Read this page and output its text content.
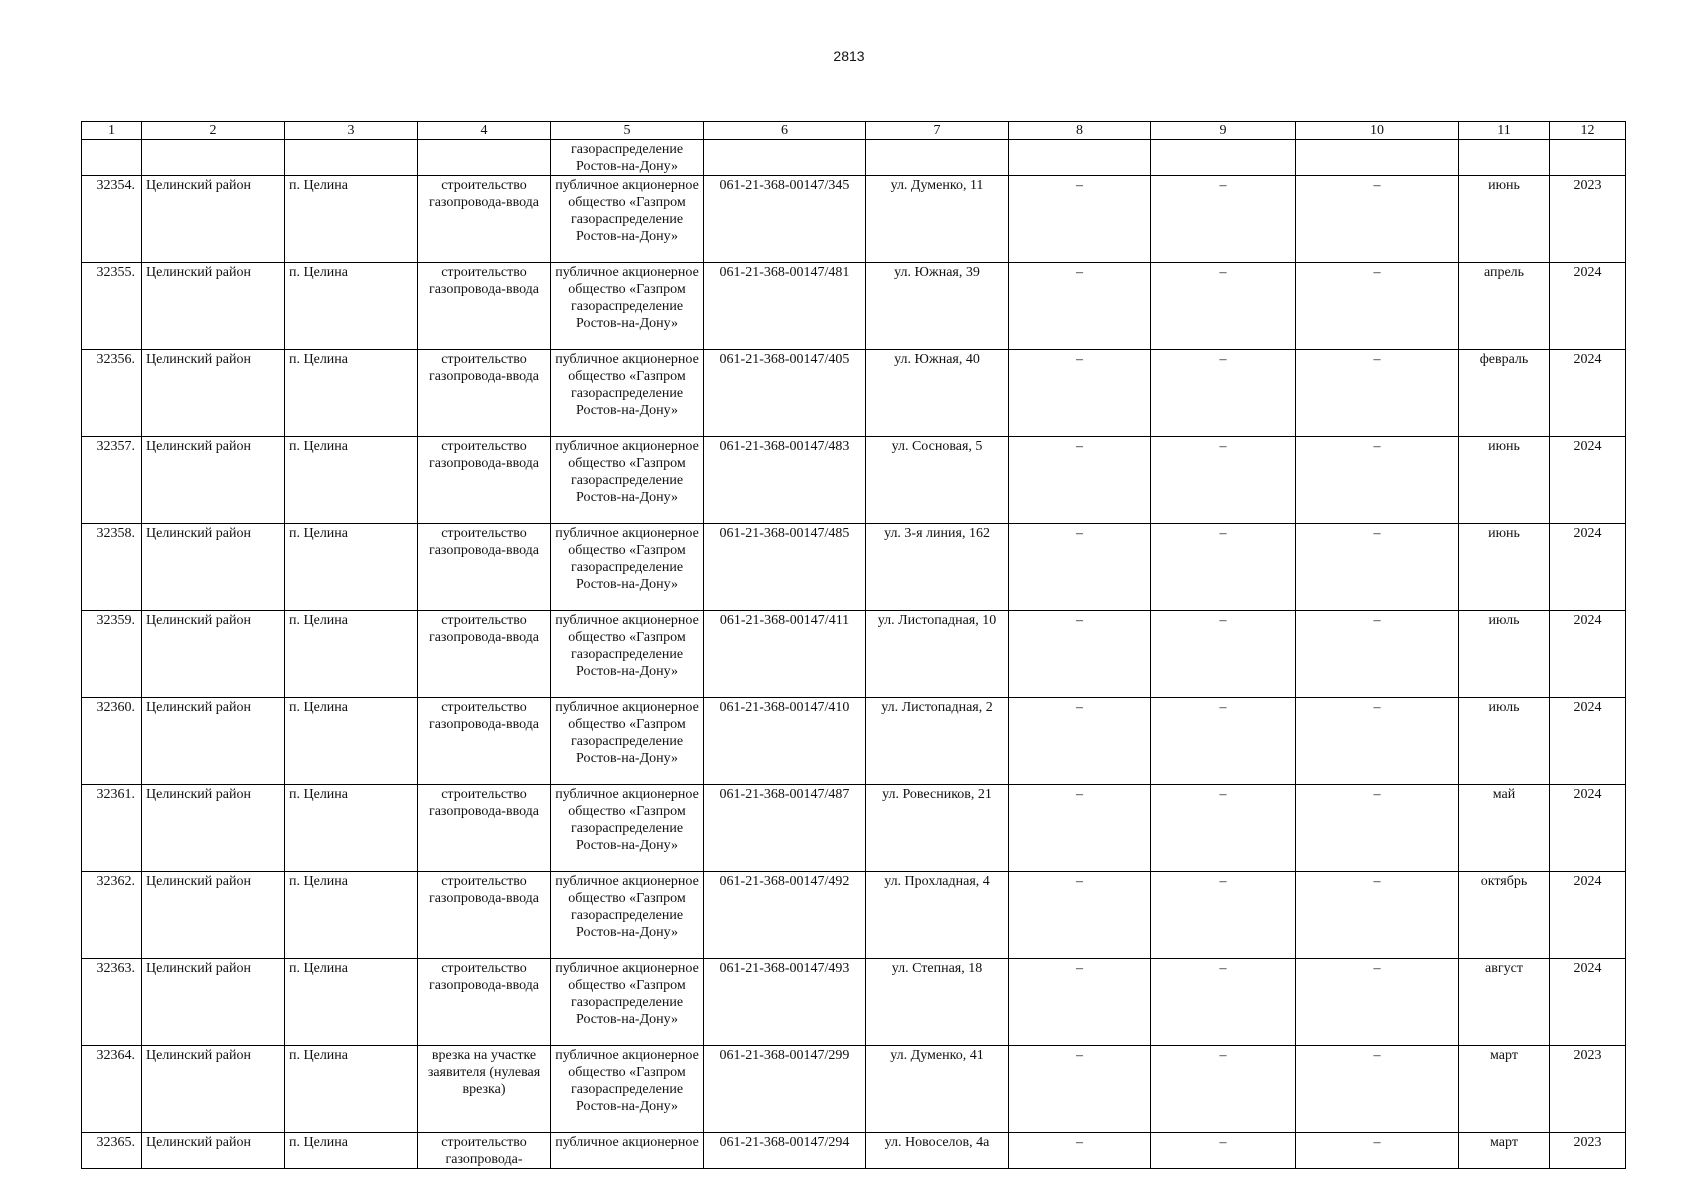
2813
1	2	3	4	5	6	7	8	9	10	11	12
				газораспределение
Ростов-на-Дону»							
32354.	Целинский район	п. Целина	строительство газопровода-ввода	публичное акционерное общество «Газпром газораспределение Ростов-на-Дону»	061-21-368-00147/345	ул. Думенко, 11	–	–	–	июнь	2023
32355.	Целинский район	п. Целина	строительство газопровода-ввода	публичное акционерное общество «Газпром газораспределение Ростов-на-Дону»	061-21-368-00147/481	ул. Южная, 39	–	–	–	апрель	2024
32356.	Целинский район	п. Целина	строительство газопровода-ввода	публичное акционерное общество «Газпром газораспределение Ростов-на-Дону»	061-21-368-00147/405	ул. Южная, 40	–	–	–	февраль	2024
32357.	Целинский район	п. Целина	строительство газопровода-ввода	публичное акционерное общество «Газпром газораспределение Ростов-на-Дону»	061-21-368-00147/483	ул. Сосновая, 5	–	–	–	июнь	2024
32358.	Целинский район	п. Целина	строительство газопровода-ввода	публичное акционерное общество «Газпром газораспределение Ростов-на-Дону»	061-21-368-00147/485	ул. 3-я линия, 162	–	–	–	июнь	2024
32359.	Целинский район	п. Целина	строительство газопровода-ввода	публичное акционерное общество «Газпром газораспределение Ростов-на-Дону»	061-21-368-00147/411	ул. Листопадная, 10	–	–	–	июль	2024
32360.	Целинский район	п. Целина	строительство газопровода-ввода	публичное акционерное общество «Газпром газораспределение Ростов-на-Дону»	061-21-368-00147/410	ул. Листопадная, 2	–	–	–	июль	2024
32361.	Целинский район	п. Целина	строительство газопровода-ввода	публичное акционерное общество «Газпром газораспределение Ростов-на-Дону»	061-21-368-00147/487	ул. Ровесников, 21	–	–	–	май	2024
32362.	Целинский район	п. Целина	строительство газопровода-ввода	публичное акционерное общество «Газпром газораспределение Ростов-на-Дону»	061-21-368-00147/492	ул. Прохладная, 4	–	–	–	октябрь	2024
32363.	Целинский район	п. Целина	строительство газопровода-ввода	публичное акционерное общество «Газпром газораспределение Ростов-на-Дону»	061-21-368-00147/493	ул. Степная, 18	–	–	–	август	2024
32364.	Целинский район	п. Целина	врезка на участке заявителя (нулевая врезка)	публичное акционерное общество «Газпром газораспределение Ростов-на-Дону»	061-21-368-00147/299	ул. Думенко, 41	–	–	–	март	2023
32365.	Целинский район	п. Целина	строительство газопровода-	публичное акционерное	061-21-368-00147/294	ул. Новоселов, 4а	–	–	–	март	2023
